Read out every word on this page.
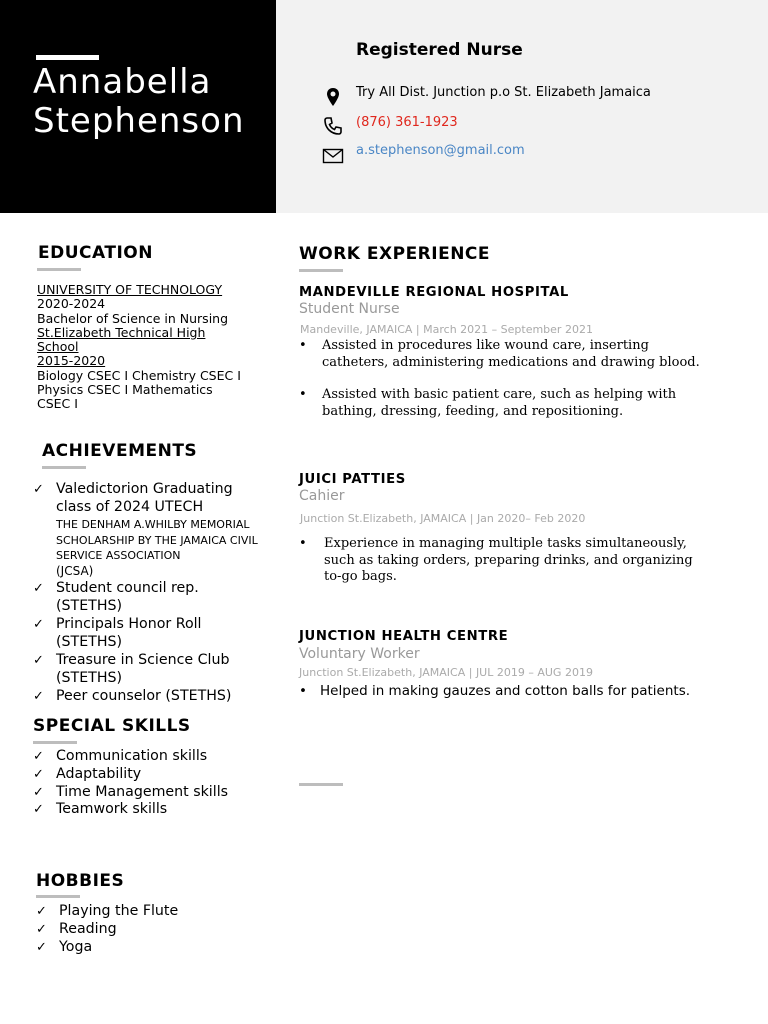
Annabella
Stephenson
Registered Nurse
Try All Dist. Junction p.o St. Elizabeth Jamaica
(876) 361-1923
a.stephenson@gmail.com
EDUCATION
UNIVERSITY OF TECHNOLOGY
2020-2024
Bachelor of Science in Nursing
St.Elizabeth Technical High
School
2015-2020
Biology CSEC I Chemistry CSEC I
Physics CSEC I Mathematics
CSEC I
ACHIEVEMENTS
✓ Valedictorion Graduating class of 2024 UTECH
THE DENHAM A.WHILBY MEMORIAL SCHOLARSHIP BY THE JAMAICA CIVIL SERVICE ASSOCIATION
(JCSA)
✓ Student council rep. (STETHS)
✓ Principals Honor Roll (STETHS)
✓ Treasure in Science Club (STETHS)
✓ Peer counselor (STETHS)
SPECIAL SKILLS
✓ Communication skills
✓ Adaptability
✓ Time Management skills
✓ Teamwork skills
HOBBIES
✓ Playing the Flute
✓ Reading
✓ Yoga
WORK EXPERIENCE
MANDEVILLE REGIONAL HOSPITAL
Student Nurse
Mandeville, JAMAICA | March 2021 – September 2021
• Assisted in procedures like wound care, inserting catheters, administering medications and drawing blood.
• Assisted with basic patient care, such as helping with bathing, dressing, feeding, and repositioning.
JUICI PATTIES
Cahier
Junction St.Elizabeth, JAMAICA | Jan 2020– Feb 2020
• Experience in managing multiple tasks simultaneously, such as taking orders, preparing drinks, and organizing to-go bags.
JUNCTION HEALTH CENTRE
Voluntary Worker
Junction St.Elizabeth, JAMAICA | JUL 2019 – AUG 2019
• Helped in making gauzes and cotton balls for patients.
